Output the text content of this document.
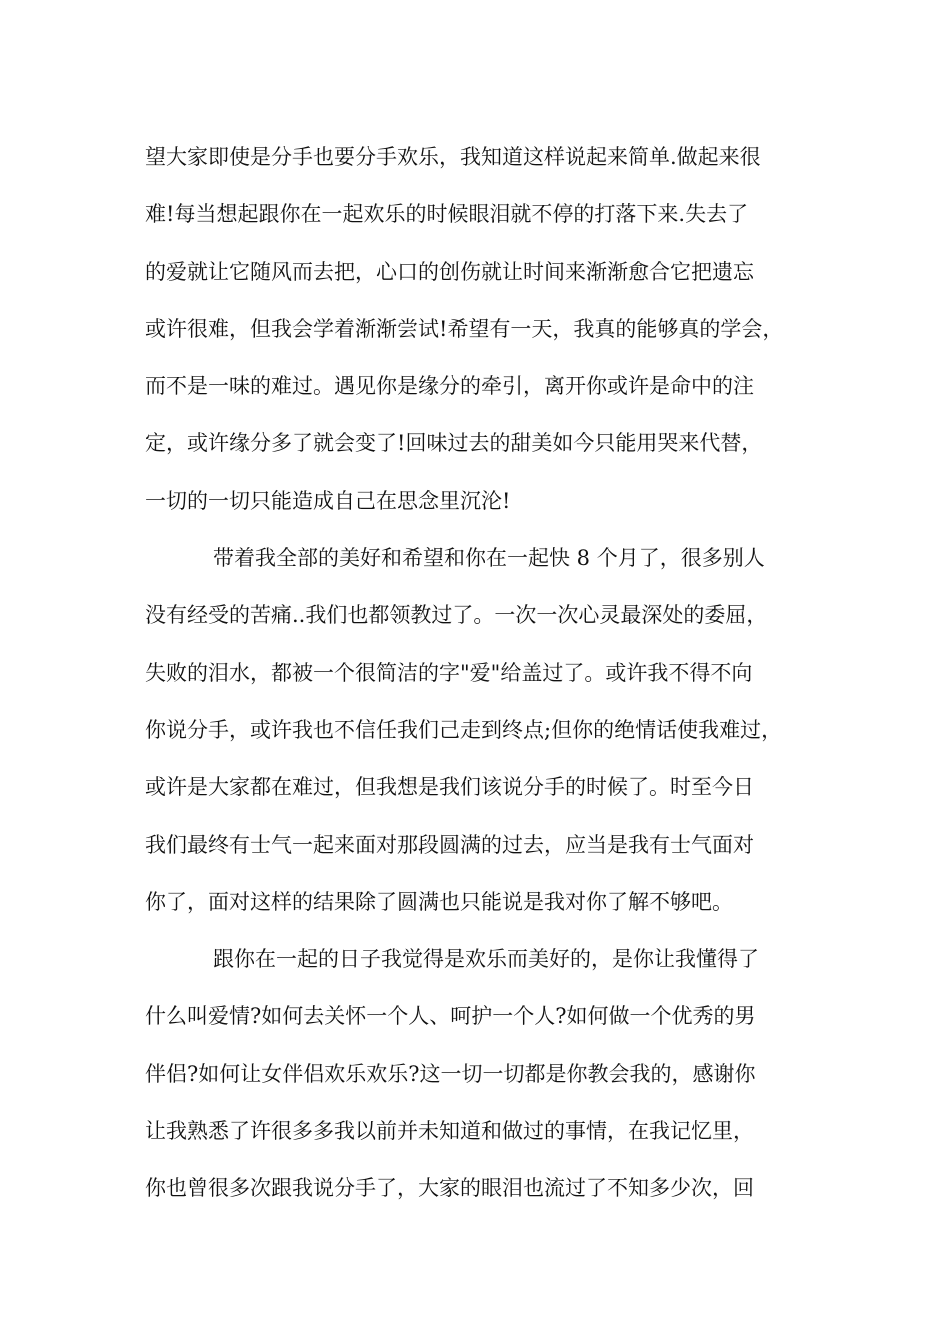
望大家即使是分手也要分手欢乐，我知道这样说起来简单.做起来很
难!每当想起跟你在一起欢乐的时候眼泪就不停的打落下来.失去了
的爱就让它随风而去把，心口的创伤就让时间来渐渐愈合它把遗忘
或许很难，但我会学着渐渐尝试!希望有一天，我真的能够真的学会，
而不是一味的难过。遇见你是缘分的牵引，离开你或许是命中的注
定，或许缘分多了就会变了!回味过去的甜美如今只能用哭来代替，
一切的一切只能造成自己在思念里沉沦!
带着我全部的美好和希望和你在一起快 8 个月了，很多别人
没有经受的苦痛..我们也都领教过了。一次一次心灵最深处的委屈，
失败的泪水，都被一个很简洁的字"爱"给盖过了。或许我不得不向
你说分手，或许我也不信任我们己走到终点;但你的绝情话使我难过，
或许是大家都在难过，但我想是我们该说分手的时候了。时至今日
我们最终有士气一起来面对那段圆满的过去，应当是我有士气面对
你了，面对这样的结果除了圆满也只能说是我对你了解不够吧。
跟你在一起的日子我觉得是欢乐而美好的，是你让我懂得了
什么叫爱情?如何去关怀一个人、呵护一个人?如何做一个优秀的男
伴侣?如何让女伴侣欢乐欢乐?这一切一切都是你教会我的，感谢你
让我熟悉了许很多多我以前并未知道和做过的事情，在我记忆里，
你也曾很多次跟我说分手了，大家的眼泪也流过了不知多少次，回
